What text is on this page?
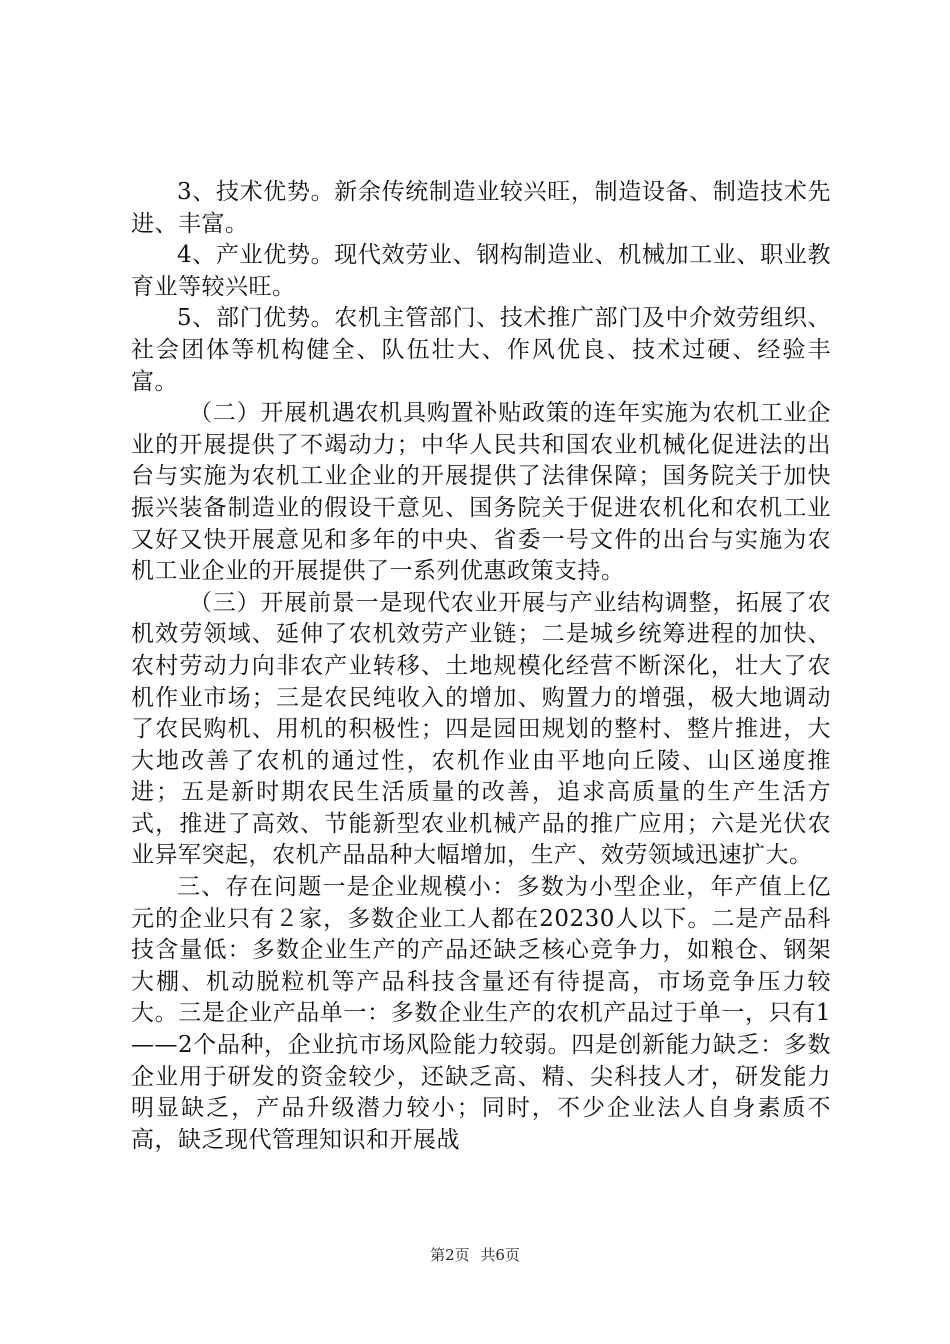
3、技术优势。新余传统制造业较兴旺，制造设备、制造技术先进、丰富。

4、产业优势。现代效劳业、钢构制造业、机械加工业、职业教育业等较兴旺。

5、部门优势。农机主管部门、技术推广部门及中介效劳组织、社会团体等机构健全、队伍壮大、作风优良、技术过硬、经验丰富。

（二）开展机遇农机具购置补贴政策的连年实施为农机工业企业的开展提供了不竭动力；中华人民共和国农业机械化促进法的出台与实施为农机工业企业的开展提供了法律保障；国务院关于加快振兴装备制造业的假设干意见、国务院关于促进农机化和农机工业又好又快开展意见和多年的中央、省委一号文件的出台与实施为农机工业企业的开展提供了一系列优惠政策支持。

（三）开展前景一是现代农业开展与产业结构调整，拓展了农机效劳领域、延伸了农机效劳产业链；二是城乡统筹进程的加快、农村劳动力向非农产业转移、土地规模化经营不断深化，壮大了农机作业市场；三是农民纯收入的增加、购置力的增强，极大地调动了农民购机、用机的积极性；四是园田规划的整村、整片推进，大大地改善了农机的通过性，农机作业由平地向丘陵、山区递度推进；五是新时期农民生活质量的改善，追求高质量的生产生活方式，推进了高效、节能新型农业机械产品的推广应用；六是光伏农业异军突起，农机产品品种大幅增加，生产、效劳领域迅速扩大。

三、存在问题一是企业规模小：多数为小型企业，年产值上亿元的企业只有２家，多数企业工人都在20230人以下。二是产品科技含量低：多数企业生产的产品还缺乏核心竞争力，如粮仓、钢架大棚、机动脱粒机等产品科技含量还有待提高，市场竞争压力较大。三是企业产品单一：多数企业生产的农机产品过于单一，只有1——2个品种，企业抗市场风险能力较弱。四是创新能力缺乏：多数企业用于研发的资金较少，还缺乏高、精、尖科技人才，研发能力明显缺乏，产品升级潜力较小；同时，不少企业法人自身素质不高，缺乏现代管理知识和开展战

第2页 共6页
